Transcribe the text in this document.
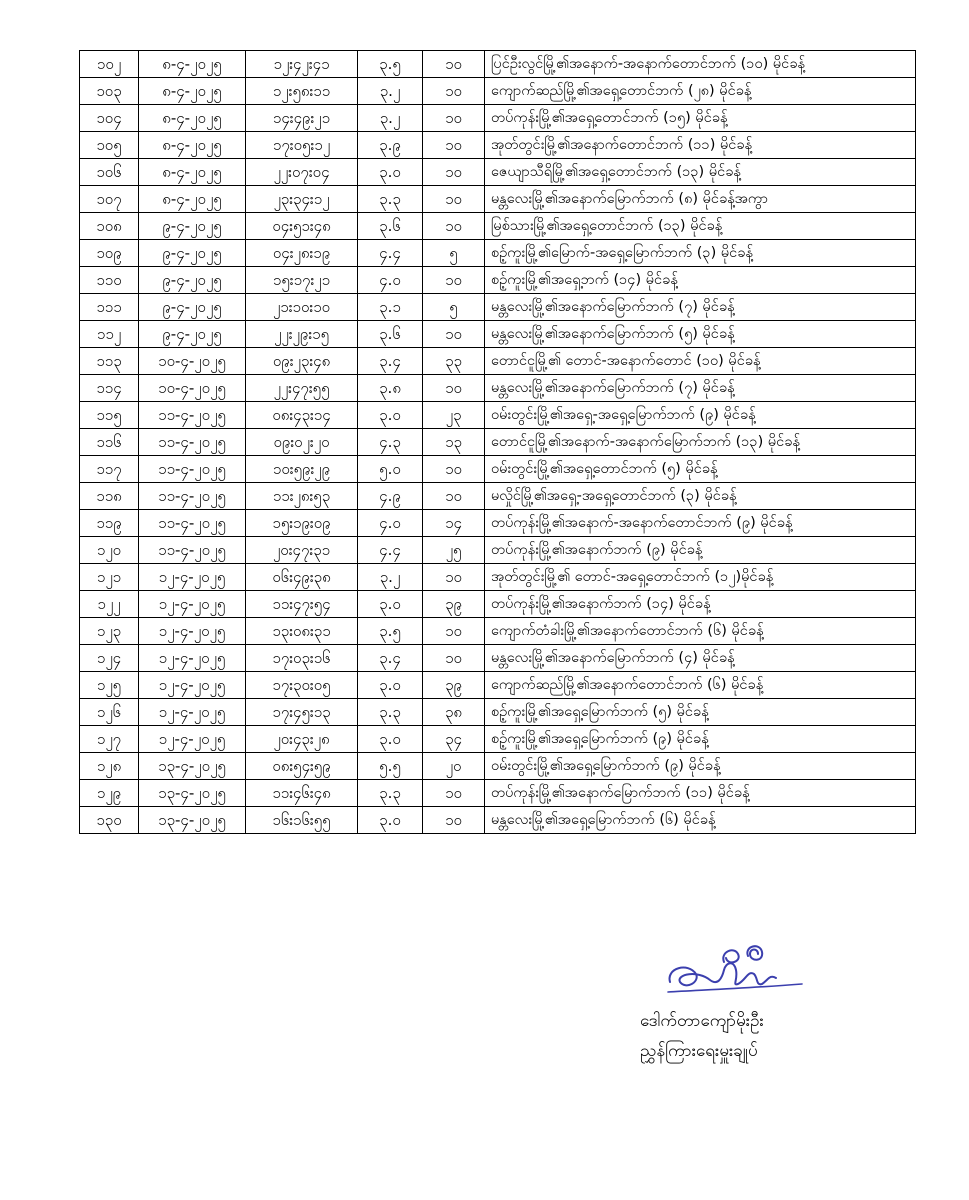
၁၀၂	၈-၄-၂၀၂၅	၁၂း၄၂း၄၁	၃.၅	၁၀	ပြင်ဦးလွင်မြို့၏အနောက်-အနောက်တောင်ဘက် (၁၀) မိုင်ခန့်
၁၀၃	၈-၄-၂၀၂၅	၁၂း၅၈း၁၁	၃.၂	၁၀	ကျောက်ဆည်မြို့၏အရှေ့တောင်ဘက် (၂၈) မိုင်ခန့်
၁၀၄	၈-၄-၂၀၂၅	၁၄း၄၉း၂၁	၃.၂	၁၀	တပ်ကုန်းမြို့၏အရှေ့တောင်ဘက် (၁၅) မိုင်ခန့်
၁၀၅	၈-၄-၂၀၂၅	၁၇း၀၅း၁၂	၃.၉	၁၀	အုတ်တွင်းမြို့၏အနောက်တောင်ဘက် (၁၁) မိုင်ခန့်
၁၀၆	၈-၄-၂၀၂၅	၂၂း၀၇း၀၄	၃.၀	၁၀	ဇေယျာသီရိမြို့၏အရှေ့တောင်ဘက် (၁၃) မိုင်ခန့်
၁၀၇	၈-၄-၂၀၂၅	၂၃း၃၄း၁၂	၃.၃	၁၀	မန္တလေးမြို့၏အနောက်မြောက်ဘက် (၈) မိုင်ခန့်အကွာ
၁၀၈	၉-၄-၂၀၂၅	၀၄း၅၁း၄၈	၃.၆	၁၀	မြစ်သားမြို့၏အရှေ့တောင်ဘက် (၁၃) မိုင်ခန့်
၁၀၉	၉-၄-၂၀၂၅	၀၄း၂၈း၁၉	၄.၄	၅	စဥ့်ကူးမြို့၏မြောက်-အရှေ့မြောက်ဘက် (၃) မိုင်ခန့်
၁၁၀	၉-၄-၂၀၂၅	၁၅း၁၇း၂၁	၄.၀	၁၀	စဥ့်ကူးမြို့၏အရှေ့ဘက် (၁၄) မိုင်ခန့်
၁၁၁	၉-၄-၂၀၂၅	၂၁း၁၀း၁၀	၃.၁	၅	မန္တလေးမြို့၏အနောက်မြောက်ဘက် (၇) မိုင်ခန့်
၁၁၂	၉-၄-၂၀၂၅	၂၂း၂၉း၁၅	၃.၆	၁၀	မန္တလေးမြို့၏အနောက်မြောက်ဘက် (၅) မိုင်ခန့်
၁၁၃	၁၀-၄-၂၀၂၅	၀၉း၂၃း၄၈	၃.၄	၃၃	တောင်ငူမြို့၏ တောင်-အနောက်တောင် (၁၀) မိုင်ခန့်
၁၁၄	၁၀-၄-၂၀၂၅	၂၂း၄၇း၅၅	၃.၈	၁၀	မန္တလေးမြို့၏အနောက်မြောက်ဘက် (၇) မိုင်ခန့်
၁၁၅	၁၁-၄-၂၀၂၅	၀၈း၄၃း၁၄	၃.၀	၂၃	ဝမ်းတွင်းမြို့၏အရှေ့-အရှေ့မြောက်ဘက် (၉) မိုင်ခန့်
၁၁၆	၁၁-၄-၂၀၂၅	၀၉း၀၂း၂၀	၄.၃	၁၃	တောင်ငူမြို့၏အနောက်-အနောက်မြောက်ဘက် (၁၃) မိုင်ခန့်
၁၁၇	၁၁-၄-၂၀၂၅	၁၀း၅၉း၂၉	၅.၀	၁၀	ဝမ်းတွင်းမြို့၏အရှေ့တောင်ဘက် (၅) မိုင်ခန့်
၁၁၈	၁၁-၄-၂၀၂၅	၁၁း၂၈း၅၃	၄.၉	၁၀	မလှိုင်မြို့၏အရှေ့-အရှေ့တောင်ဘက် (၃) မိုင်ခန့်
၁၁၉	၁၁-၄-၂၀၂၅	၁၅း၁၉း၀၉	၄.၀	၁၄	တပ်ကုန်းမြို့၏အနောက်-အနောက်တောင်ဘက် (၉) မိုင်ခန့်
၁၂၀	၁၁-၄-၂၀၂၅	၂၀း၄၇း၃၁	၄.၄	၂၅	တပ်ကုန်းမြို့၏အနောက်ဘက် (၉) မိုင်ခန့်
၁၂၁	၁၂-၄-၂၀၂၅	၀၆း၄၉း၃၈	၃.၂	၁၀	အုတ်တွင်းမြို့၏ တောင်-အရှေ့တောင်ဘက် (၁၂)မိုင်ခန့်
၁၂၂	၁၂-၄-၂၀၂၅	၁၁း၄၇း၅၄	၃.၀	၃၉	တပ်ကုန်းမြို့၏အနောက်ဘက် (၁၄) မိုင်ခန့်
၁၂၃	၁၂-၄-၂၀၂၅	၁၃း၀၈း၃၁	၃.၅	၁၀	ကျောက်တံခါးမြို့၏အနောက်တောင်ဘက် (၆) မိုင်ခန့်
၁၂၄	၁၂-၄-၂၀၂၅	၁၇း၀၃း၁၆	၃.၄	၁၀	မန္တလေးမြို့၏အနောက်မြောက်ဘက် (၄) မိုင်ခန့်
၁၂၅	၁၂-၄-၂၀၂၅	၁၇း၃၀း၀၅	၃.၀	၃၉	ကျောက်ဆည်မြို့၏အနောက်တောင်ဘက် (၆) မိုင်ခန့်
၁၂၆	၁၂-၄-၂၀၂၅	၁၇း၄၅း၁၃	၃.၃	၃၈	စဥ့်ကူးမြို့၏အရှေ့မြောက်ဘက် (၅) မိုင်ခန့်
၁၂၇	၁၂-၄-၂၀၂၅	၂၀း၄၃း၂၈	၃.၀	၃၄	စဥ့်ကူးမြို့၏အရှေ့မြောက်ဘက် (၉) မိုင်ခန့်
၁၂၈	၁၃-၄-၂၀၂၅	၀၈း၅၄း၅၉	၅.၅	၂၀	ဝမ်းတွင်းမြို့၏အရှေ့မြောက်ဘက် (၉) မိုင်ခန့်
၁၂၉	၁၃-၄-၂၀၂၅	၁၁း၄၆း၄၈	၃.၃	၁၀	တပ်ကုန်းမြို့၏အနောက်မြောက်ဘက် (၁၁) မိုင်ခန့်
၁၃၀	၁၃-၄-၂၀၂၅	၁၆း၁၆း၅၅	၃.၀	၁၀	မန္တလေးမြို့၏အရှေ့မြောက်ဘက် (၆) မိုင်ခန့်
ဒေါက်တာကျော်မိုးဦး
ညွှန်ကြားရေးမှူးချုပ်
